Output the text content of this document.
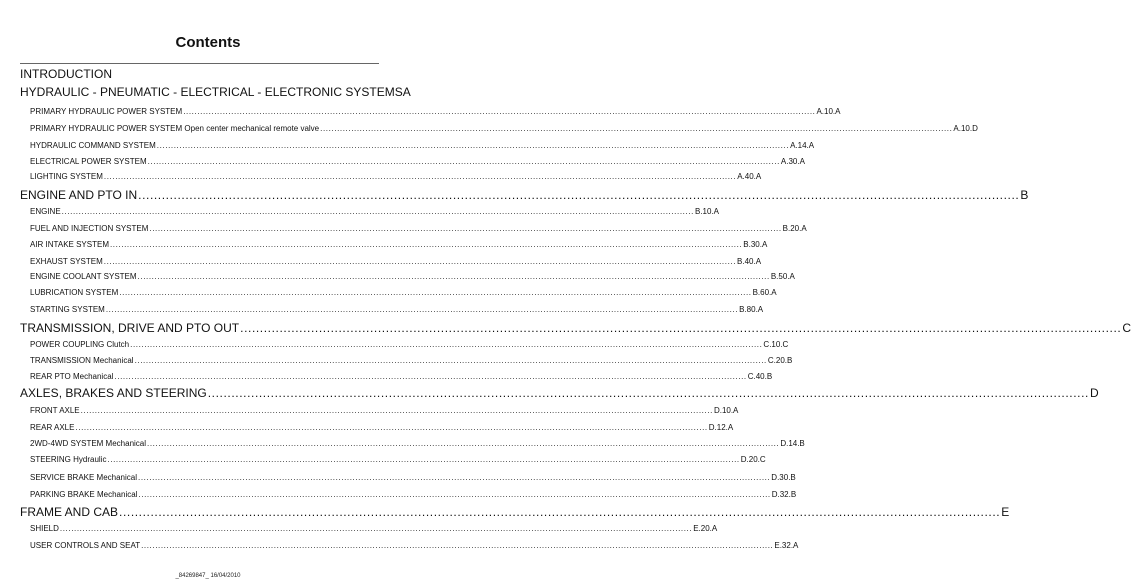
Contents
INTRODUCTION
HYDRAULIC - PNEUMATIC - ELECTRICAL - ELECTRONIC SYSTEMS A
PRIMARY HYDRAULIC POWER SYSTEM .....	A.10.A
PRIMARY HYDRAULIC POWER SYSTEM Open center mechanical remote valve .....	A.10.D
HYDRAULIC COMMAND SYSTEM .....	A.14.A
ELECTRICAL POWER SYSTEM .....	A.30.A
LIGHTING SYSTEM .....	A.40.A
ENGINE AND PTO IN .....	B
ENGINE .....	B.10.A
FUEL AND INJECTION SYSTEM .....	B.20.A
AIR INTAKE SYSTEM .....	B.30.A
EXHAUST SYSTEM .....	B.40.A
ENGINE COOLANT SYSTEM .....	B.50.A
LUBRICATION SYSTEM .....	B.60.A
STARTING SYSTEM .....	B.80.A
TRANSMISSION, DRIVE AND PTO OUT .....	C
POWER COUPLING Clutch .....	C.10.C
TRANSMISSION Mechanical .....	C.20.B
REAR PTO Mechanical .....	C.40.B
AXLES, BRAKES AND STEERING .....	D
FRONT AXLE .....	D.10.A
REAR AXLE .....	D.12.A
2WD-4WD SYSTEM Mechanical .....	D.14.B
STEERING Hydraulic .....	D.20.C
SERVICE BRAKE Mechanical .....	D.30.B
PARKING BRAKE Mechanical .....	D.32.B
FRAME AND CAB .....	E
SHIELD .....	E.20.A
USER CONTROLS AND SEAT .....	E.32.A
_84269847_ 16/04/2010
